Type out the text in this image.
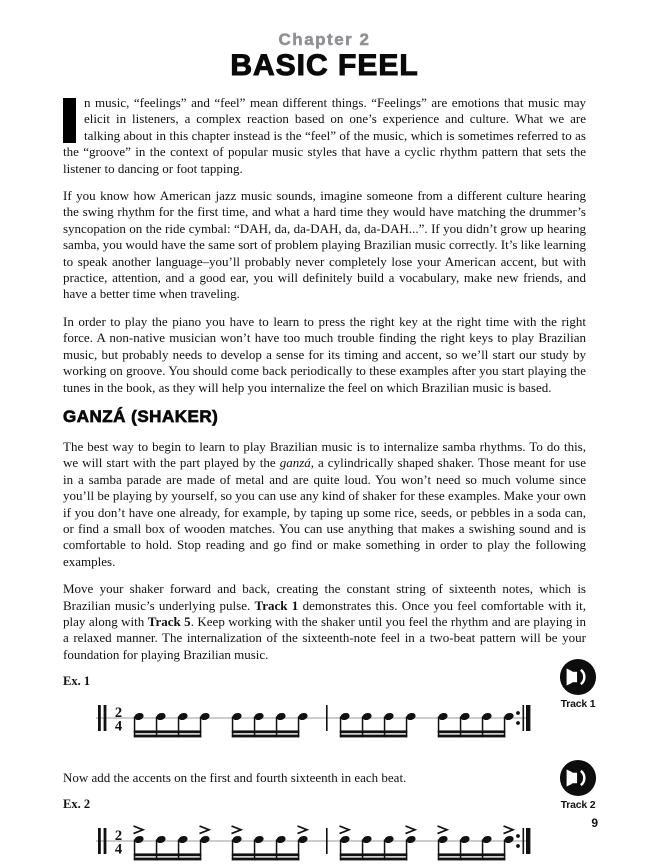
Chapter 2
BASIC FEEL

I n music, “feelings” and “feel” mean different things. “Feelings” are emotions that music may elicit in listeners, a complex reaction based on one’s experience and culture. What we are talking about in this chapter instead is the “feel” of the music, which is sometimes referred to as the “groove” in the context of popular music styles that have a cyclic rhythm pattern that sets the listener to dancing or foot tapping.

If you know how American jazz music sounds, imagine someone from a different culture hearing the swing rhythm for the first time, and what a hard time they would have matching the drummer’s syncopation on the ride cymbal: “DAH, da, da-DAH, da, da-DAH...”. If you didn’t grow up hearing samba, you would have the same sort of problem playing Brazilian music correctly. It’s like learning to speak another language–you’ll probably never completely lose your American accent, but with practice, attention, and a good ear, you will definitely build a vocabulary, make new friends, and have a better time when traveling.

In order to play the piano you have to learn to press the right key at the right time with the right force. A non-native musician won’t have too much trouble finding the right keys to play Brazilian music, but probably needs to develop a sense for its timing and accent, so we’ll start our study by working on groove. You should come back periodically to these examples after you start playing the tunes in the book, as they will help you internalize the feel on which Brazilian music is based.

GANZÁ (SHAKER)

The best way to begin to learn to play Brazilian music is to internalize samba rhythms. To do this, we will start with the part played by the ganzá, a cylindrically shaped shaker. Those meant for use in a samba parade are made of metal and are quite loud. You won’t need so much volume since you’ll be playing by yourself, so you can use any kind of shaker for these examples. Make your own if you don’t have one already, for example, by taping up some rice, seeds, or pebbles in a soda can, or find a small box of wooden matches. You can use anything that makes a swishing sound and is comfortable to hold. Stop reading and go find or make something in order to play the following examples.

Move your shaker forward and back, creating the constant string of sixteenth notes, which is Brazilian music’s underlying pulse. Track 1 demonstrates this. Once you feel comfortable with it, play along with Track 5. Keep working with the shaker until you feel the rhythm and are playing in a relaxed manner. The internalization of the sixteenth-note feel in a two-beat pattern will be your foundation for playing Brazilian music.

Ex. 1
2
4
Track 1

Now add the accents on the first and fourth sixteenth in each beat.

Ex. 2
2
4
Track 2
9
